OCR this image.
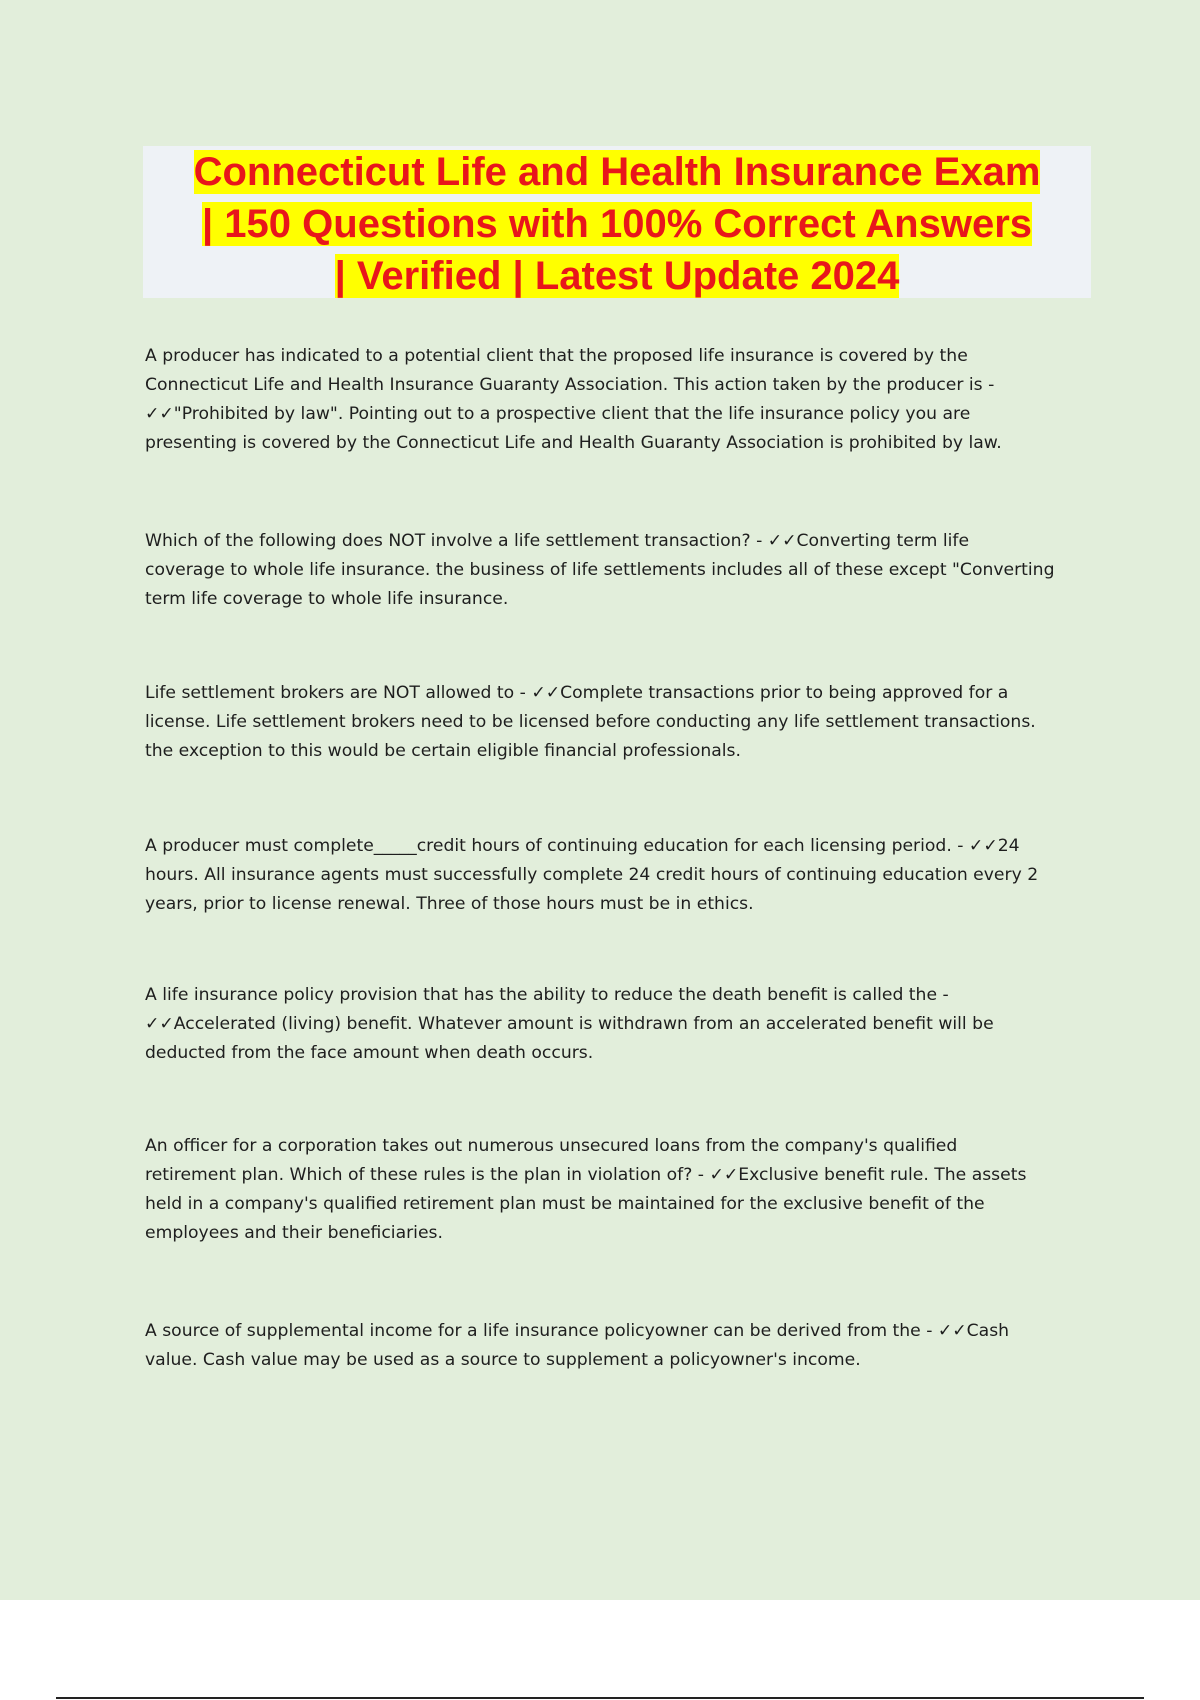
Connecticut Life and Health Insurance Exam
| 150 Questions with 100% Correct Answers
| Verified | Latest Update 2024
A producer has indicated to a potential client that the proposed life insurance is covered by the
Connecticut Life and Health Insurance Guaranty Association. This action taken by the producer is -
✓✓"Prohibited by law". Pointing out to a prospective client that the life insurance policy you are
presenting is covered by the Connecticut Life and Health Guaranty Association is prohibited by law.
Which of the following does NOT involve a life settlement transaction? - ✓✓Converting term life
coverage to whole life insurance. the business of life settlements includes all of these except "Converting
term life coverage to whole life insurance.
Life settlement brokers are NOT allowed to - ✓✓Complete transactions prior to being approved for a
license. Life settlement brokers need to be licensed before conducting any life settlement transactions.
the exception to this would be certain eligible financial professionals.
A producer must complete_____credit hours of continuing education for each licensing period. - ✓✓24
hours. All insurance agents must successfully complete 24 credit hours of continuing education every 2
years, prior to license renewal. Three of those hours must be in ethics.
A life insurance policy provision that has the ability to reduce the death benefit is called the -
✓✓Accelerated (living) benefit. Whatever amount is withdrawn from an accelerated benefit will be
deducted from the face amount when death occurs.
An officer for a corporation takes out numerous unsecured loans from the company's qualified
retirement plan. Which of these rules is the plan in violation of? - ✓✓Exclusive benefit rule. The assets
held in a company's qualified retirement plan must be maintained for the exclusive benefit of the
employees and their beneficiaries.
A source of supplemental income for a life insurance policyowner can be derived from the - ✓✓Cash
value. Cash value may be used as a source to supplement a policyowner's income.
